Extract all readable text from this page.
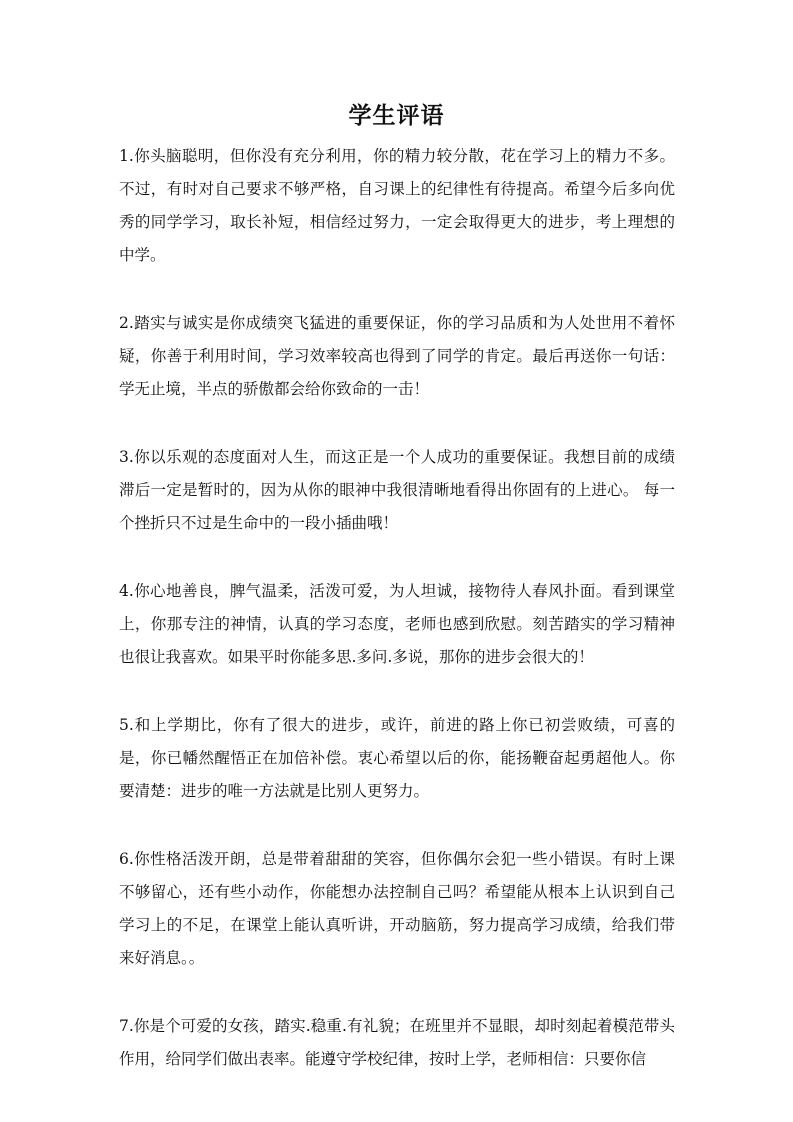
学生评语

1.你头脑聪明，但你没有充分利用，你的精力较分散，花在学习上的精力不多。不过，有时对自己要求不够严格，自习课上的纪律性有待提高。希望今后多向优秀的同学学习，取长补短，相信经过努力，一定会取得更大的进步，考上理想的中学。

2.踏实与诚实是你成绩突飞猛进的重要保证，你的学习品质和为人处世用不着怀疑，你善于利用时间，学习效率较高也得到了同学的肯定。最后再送你一句话：学无止境，半点的骄傲都会给你致命的一击！

3.你以乐观的态度面对人生，而这正是一个人成功的重要保证。我想目前的成绩滞后一定是暂时的，因为从你的眼神中我很清晰地看得出你固有的上进心。 每一个挫折只不过是生命中的一段小插曲哦！

4.你心地善良，脾气温柔，活泼可爱，为人坦诚，接物待人春风扑面。看到课堂上，你那专注的神情，认真的学习态度，老师也感到欣慰。刻苦踏实的学习精神也很让我喜欢。如果平时你能多思.多问.多说，那你的进步会很大的！

5.和上学期比，你有了很大的进步，或许，前进的路上你已初尝败绩，可喜的是，你已幡然醒悟正在加倍补偿。衷心希望以后的你，能扬鞭奋起勇超他人。你要清楚：进步的唯一方法就是比别人更努力。

6.你性格活泼开朗，总是带着甜甜的笑容，但你偶尔会犯一些小错误。有时上课不够留心，还有些小动作，你能想办法控制自己吗？希望能从根本上认识到自己学习上的不足，在课堂上能认真听讲，开动脑筋，努力提高学习成绩，给我们带来好消息。。

7.你是个可爱的女孩，踏实.稳重.有礼貌；在班里并不显眼，却时刻起着模范带头作用，给同学们做出表率。能遵守学校纪律，按时上学，老师相信：只要你信
